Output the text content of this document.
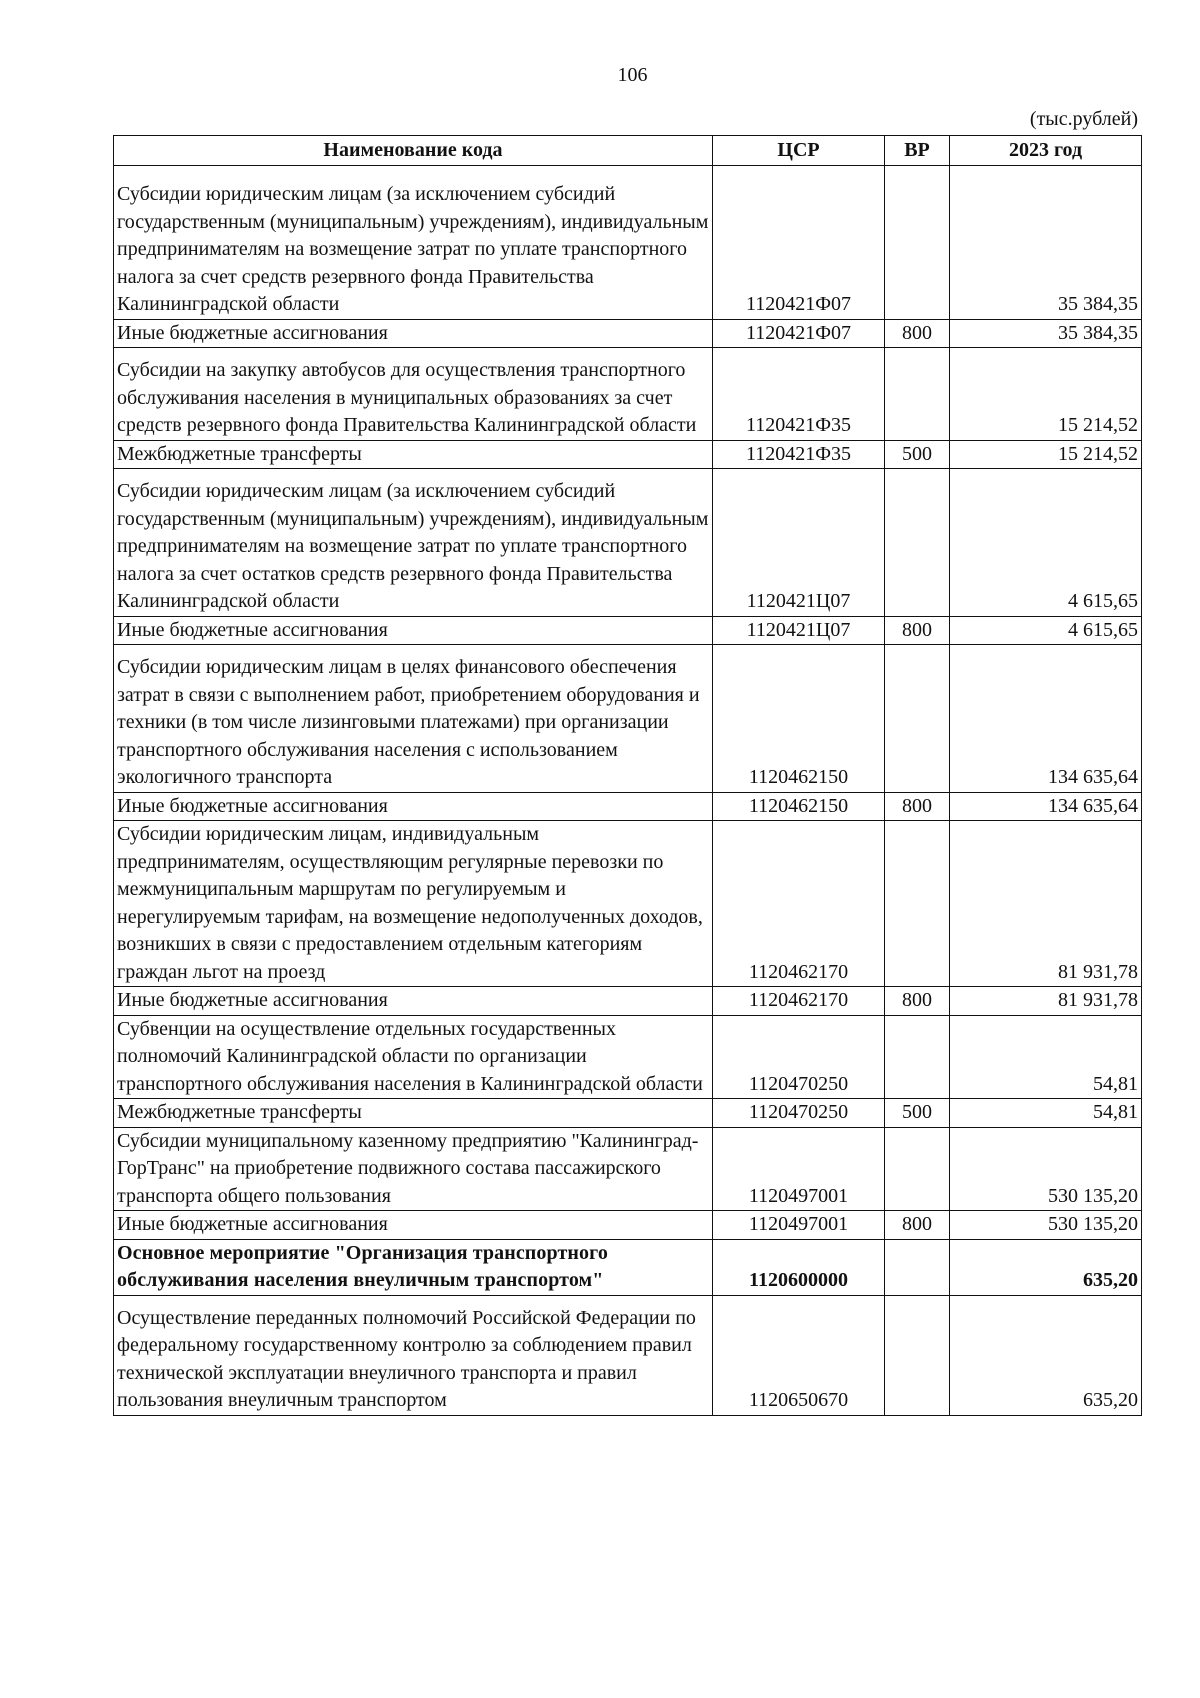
106
(тыс.рублей)
Наименование кода	ЦСР	ВР	2023 год
Субсидии юридическим лицам (за исключением субсидий государственным (муниципальным) учреждениям), индивидуальным предпринимателям на возмещение затрат по уплате транспортного налога за счет средств резервного фонда Правительства Калининградской области	1120421Ф07		35 384,35
Иные бюджетные ассигнования	1120421Ф07	800	35 384,35
Субсидии на закупку автобусов для осуществления транспортного обслуживания населения в муниципальных образованиях за счет средств резервного фонда Правительства Калининградской области	1120421Ф35		15 214,52
Межбюджетные трансферты	1120421Ф35	500	15 214,52
Субсидии юридическим лицам (за исключением субсидий государственным (муниципальным) учреждениям), индивидуальным предпринимателям на возмещение затрат по уплате транспортного налога за счет остатков средств резервного фонда Правительства Калининградской области	1120421Ц07		4 615,65
Иные бюджетные ассигнования	1120421Ц07	800	4 615,65
Субсидии юридическим лицам в целях финансового обеспечения затрат в связи с выполнением работ, приобретением оборудования и техники (в том числе лизинговыми платежами) при организации транспортного обслуживания населения с использованием экологичного транспорта	1120462150		134 635,64
Иные бюджетные ассигнования	1120462150	800	134 635,64
Субсидии юридическим лицам, индивидуальным предпринимателям, осуществляющим регулярные перевозки по межмуниципальным маршрутам по регулируемым и нерегулируемым тарифам, на возмещение недополученных доходов, возникших в связи с предоставлением отдельным категориям граждан льгот на проезд	1120462170		81 931,78
Иные бюджетные ассигнования	1120462170	800	81 931,78
Субвенции на осуществление отдельных государственных полномочий Калининградской области по организации транспортного обслуживания населения в Калининградской области	1120470250		54,81
Межбюджетные трансферты	1120470250	500	54,81
Субсидии муниципальному казенному предприятию "Калининград-ГорТранс" на приобретение подвижного состава пассажирского транспорта общего пользования	1120497001		530 135,20
Иные бюджетные ассигнования	1120497001	800	530 135,20
Основное мероприятие "Организация транспортного обслуживания населения внеуличным транспортом"	1120600000		635,20
Осуществление переданных полномочий Российской Федерации по федеральному государственному контролю за соблюдением правил технической эксплуатации внеуличного транспорта и правил пользования внеуличным транспортом	1120650670		635,20
